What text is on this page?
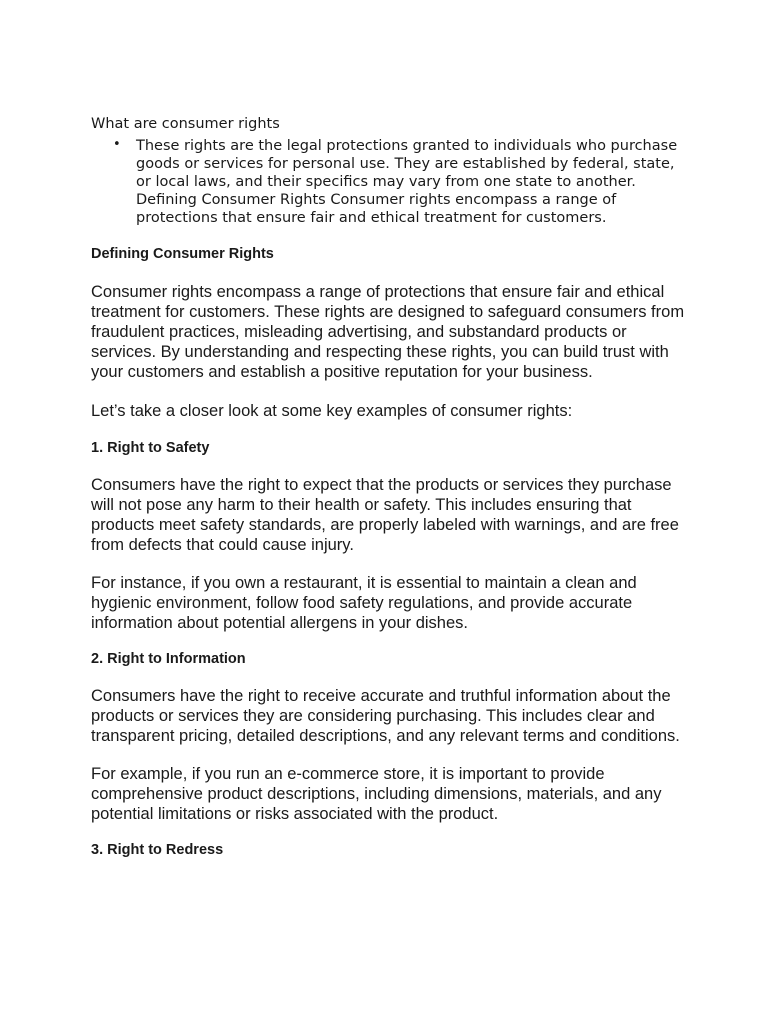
What are consumer rights

• These rights are the legal protections granted to individuals who purchase goods or services for personal use. They are established by federal, state, or local laws, and their specifics may vary from one state to another. Defining Consumer Rights Consumer rights encompass a range of protections that ensure fair and ethical treatment for customers.
Defining Consumer Rights

Consumer rights encompass a range of protections that ensure fair and ethical treatment for customers. These rights are designed to safeguard consumers from fraudulent practices, misleading advertising, and substandard products or services. By understanding and respecting these rights, you can build trust with your customers and establish a positive reputation for your business.

Let’s take a closer look at some key examples of consumer rights:

1. Right to Safety

Consumers have the right to expect that the products or services they purchase will not pose any harm to their health or safety. This includes ensuring that products meet safety standards, are properly labeled with warnings, and are free from defects that could cause injury.

For instance, if you own a restaurant, it is essential to maintain a clean and hygienic environment, follow food safety regulations, and provide accurate information about potential allergens in your dishes.

2. Right to Information

Consumers have the right to receive accurate and truthful information about the products or services they are considering purchasing. This includes clear and transparent pricing, detailed descriptions, and any relevant terms and conditions.

For example, if you run an e-commerce store, it is important to provide comprehensive product descriptions, including dimensions, materials, and any potential limitations or risks associated with the product.

3. Right to Redress
